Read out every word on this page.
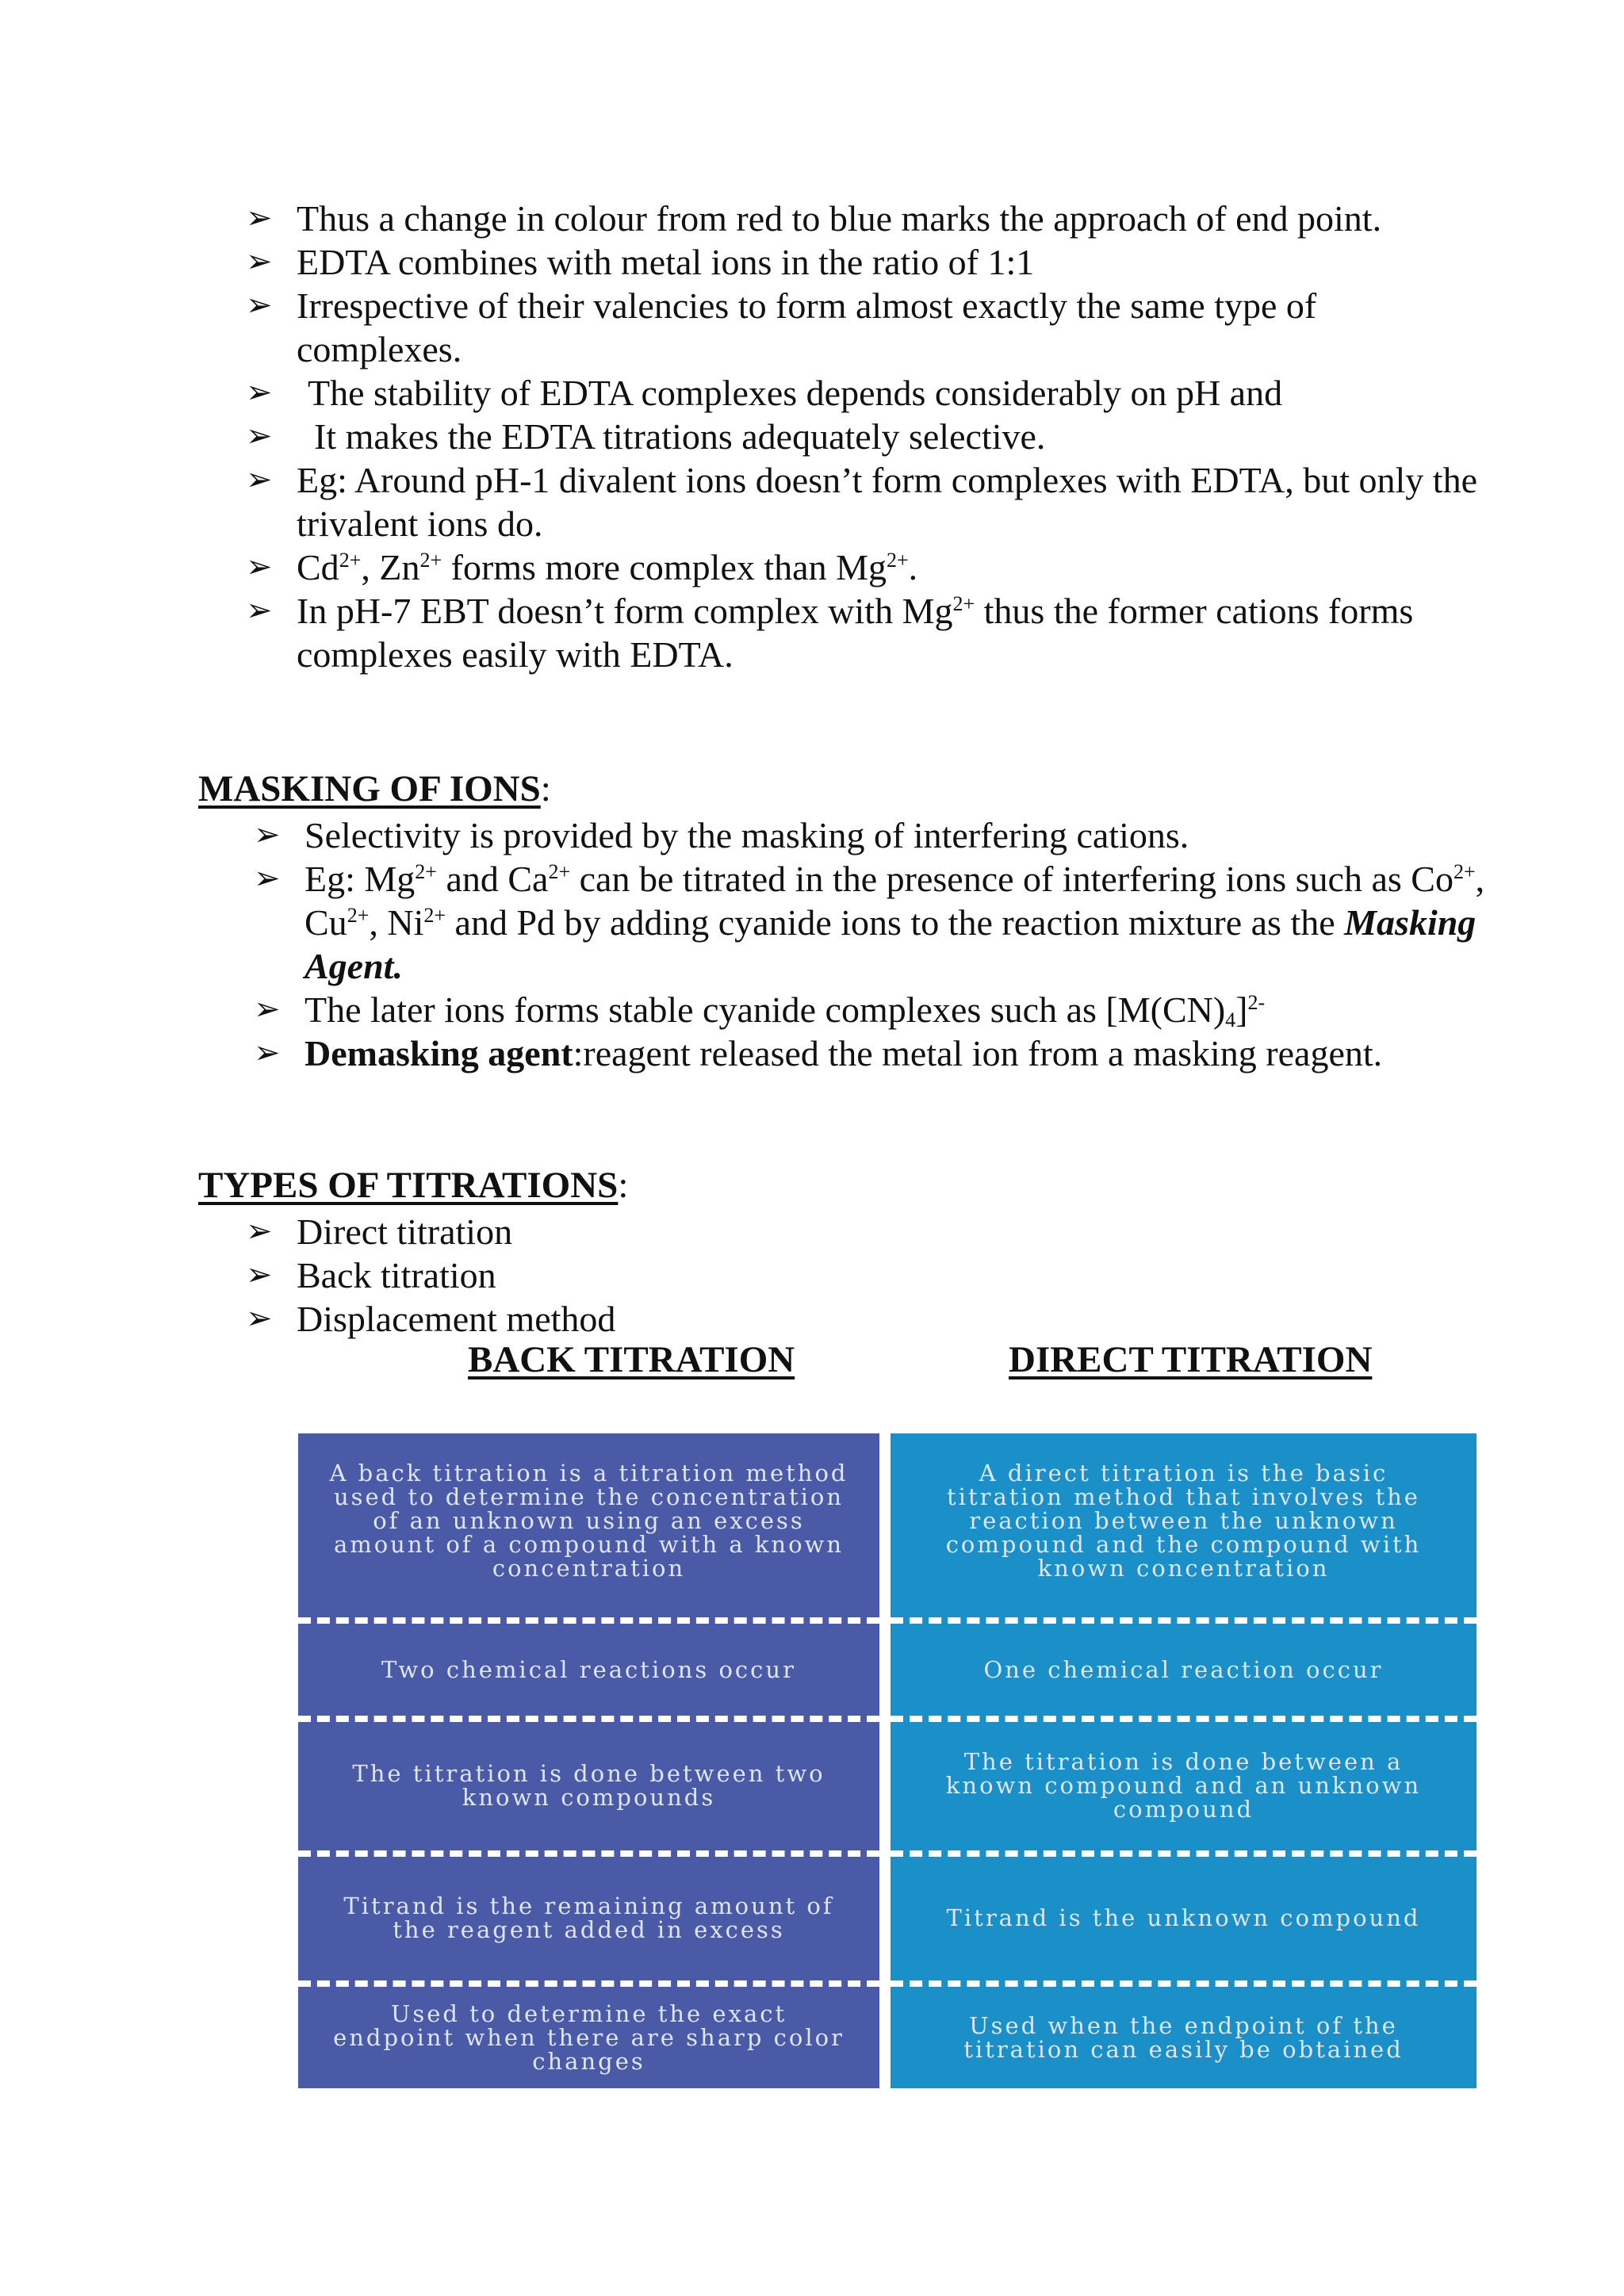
➢ Thus a change in colour from red to blue marks the approach of end point.
➢ EDTA combines with metal ions in the ratio of 1:1
➢ Irrespective of their valencies to form almost exactly the same type of complexes.
➢ The stability of EDTA complexes depends considerably on pH and
➢ It makes the EDTA titrations adequately selective.
➢ Eg: Around pH-1 divalent ions doesn’t form complexes with EDTA, but only the trivalent ions do.
➢ $Cd^{2+}$, $Zn^{2+}$ forms more complex than $Mg^{2+}$.
➢ In pH-7 EBT doesn’t form complex with $Mg^{2+}$ thus the former cations forms complexes easily with EDTA.
MASKING OF IONS:
➢ Selectivity is provided by the masking of interfering cations.
➢ Eg: $Mg^{2+}$ and $Ca^{2+}$ can be titrated in the presence of interfering ions such as $Co^{2+}$, $Cu^{2+}$, $Ni^{2+}$ and Pd by adding cyanide ions to the reaction mixture as the Masking Agent.
➢ The later ions forms stable cyanide complexes such as $[M(CN)_4]^{2-}$
➢ Demasking agent:reagent released the metal ion from a masking reagent.
TYPES OF TITRATIONS:
➢ Direct titration
➢ Back titration
➢ Displacement method
BACK TITRATION	DIRECT TITRATION
A back titration is a titration method used to determine the concentration of an unknown using an excess amount of a compound with a known concentration
Two chemical reactions occur
The titration is done between two known compounds
Titrand is the remaining amount of the reagent added in excess
Used to determine the exact endpoint when there are sharp color changes
A direct titration is the basic titration method that involves the reaction between the unknown compound and the compound with known concentration
One chemical reaction occur
The titration is done between a known compound and an unknown compound
Titrand is the unknown compound
Used when the endpoint of the titration can easily be obtained
